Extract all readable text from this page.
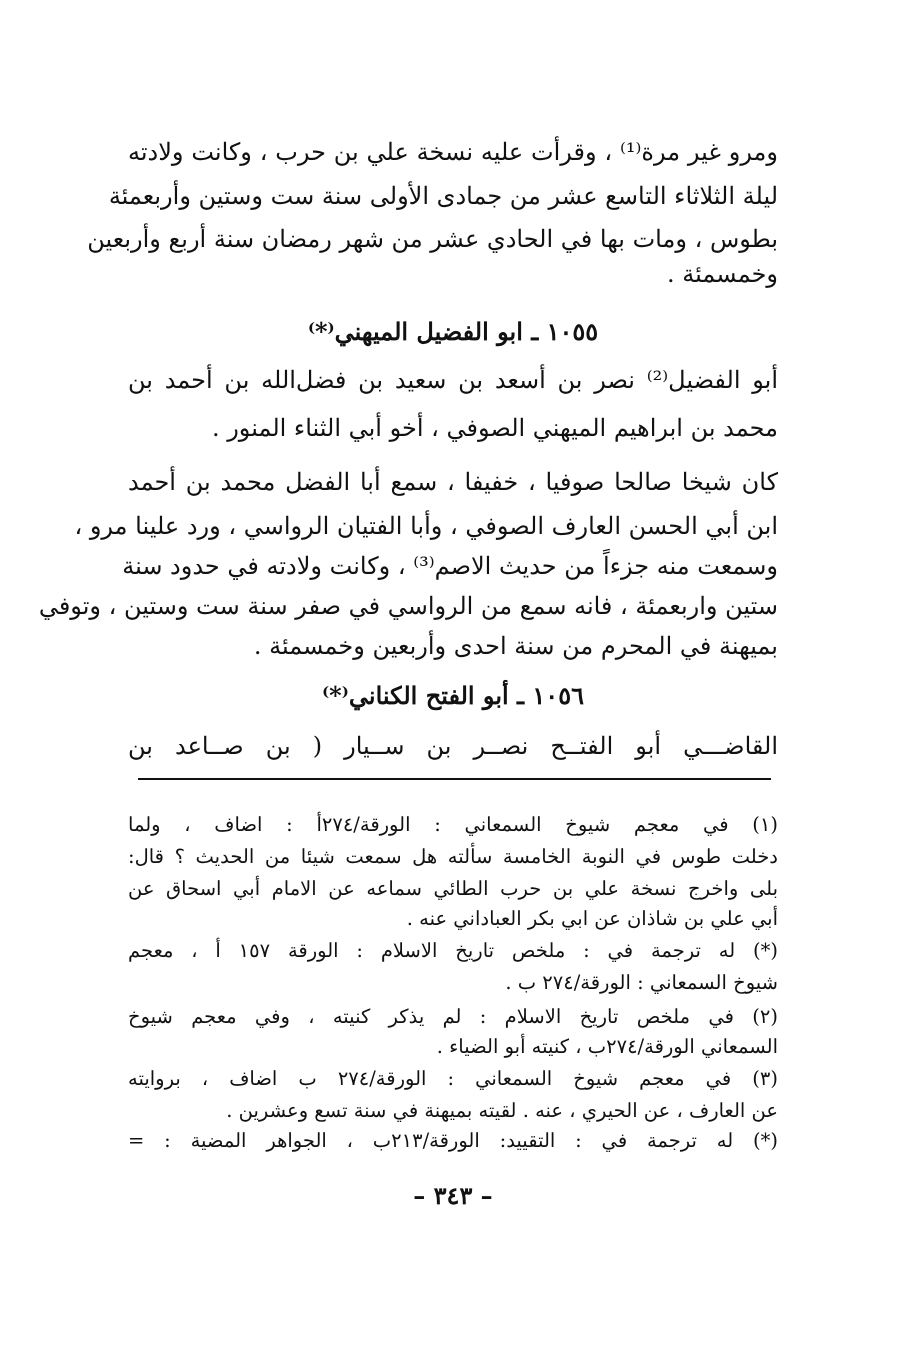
ومرو غير مرة⁽¹⁾ ، وقرأت عليه نسخة علي بن حرب ، وكانت ولادته
ليلة الثلاثاء التاسع عشر من جمادى الأولى سنة ست وستين وأربعمئة
بطوس ، ومات بها في الحادي عشر من شهر رمضان سنة أربع وأربعين
وخمسمئة .
١٠٥٥ ـ ابو الفضيل الميهني⁽*⁾
أبو الفضيل⁽²⁾ نصر بن أسعد بن سعيد بن فضل‌الله بن أحمد بن
محمد بن ابراهيم الميهني الصوفي ، أخو أبي الثناء المنور .
كان شيخا صالحا صوفيا ، خفيفا ، سمع أبا الفضل محمد بن أحمد
ابن أبي الحسن العارف الصوفي ، وأبا الفتيان الرواسي ، ورد علينا مرو ،
وسمعت منه جزءاً من حديث الاصم⁽³⁾ ، وكانت ولادته في حدود سنة
ستين واربعمئة ، فانه سمع من الرواسي في صفر سنة ست وستين ، وتوفي
بميهنة في المحرم من سنة احدى وأربعين وخمسمئة .
١٠٥٦ ـ أبو الفتح الكناني⁽*⁾
القاضـــي أبو الفتــح نصــر بن ســيار ( بن صــاعد بن
(١) في معجم شيوخ السمعاني : الورقة/٢٧٤أ : اضاف ، ولما
دخلت طوس في النوبة الخامسة سألته هل سمعت شيئا من الحديث ؟ قال:
بلى واخرج نسخة علي بن حرب الطائي سماعه عن الامام أبي اسحاق عن
أبي علي بن شاذان عن ابي بكر العباداني عنه .
(*) له ترجمة في : ملخص تاريخ الاسلام : الورقة ١٥٧ أ ، معجم
شيوخ السمعاني : الورقة/٢٧٤ ب .
(٢) في ملخص تاريخ الاسلام : لم يذكر كنيته ، وفي معجم شيوخ
السمعاني الورقة/٢٧٤ب ، كنيته أبو الضياء .
(٣) في معجم شيوخ السمعاني : الورقة/٢٧٤ ب اضاف ، بروايته
عن العارف ، عن الحيري ، عنه . لقيته بميهنة في سنة تسع وعشرين .
(*) له ترجمة في : التقييد: الورقة/٢١٣ب ، الجواهر المضية : =
– ٣٤٣ –
